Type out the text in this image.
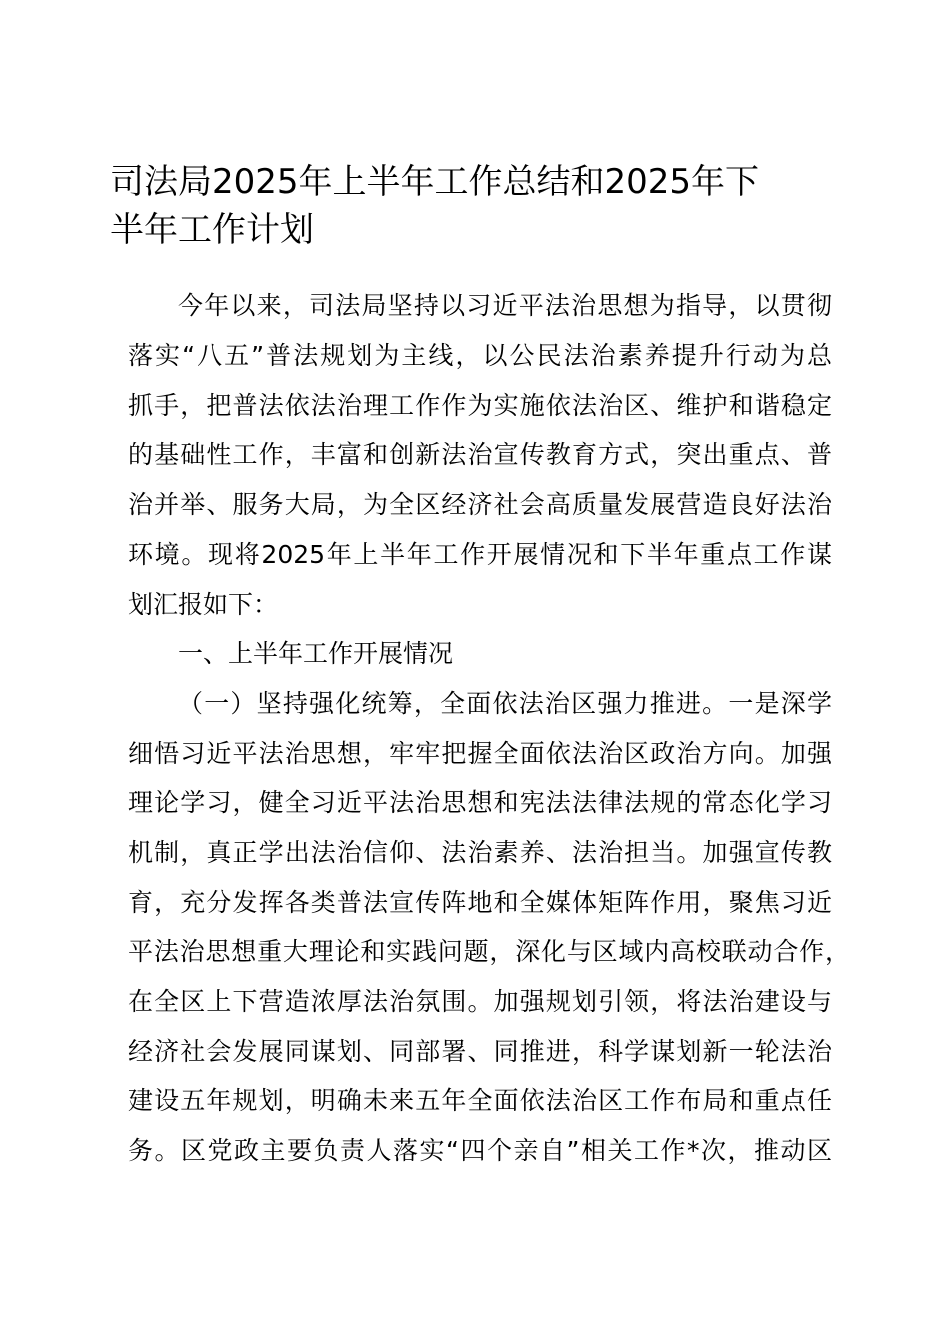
司法局2025年上半年工作总结和2025年下
半年工作计划
今年以来，司法局坚持以习近平法治思想为指导，以贯彻
落实“八五”普法规划为主线，以公民法治素养提升行动为总
抓手，把普法依法治理工作作为实施依法治区、维护和谐稳定
的基础性工作，丰富和创新法治宣传教育方式，突出重点、普
治并举、服务大局，为全区经济社会高质量发展营造良好法治
环境。现将2025年上半年工作开展情况和下半年重点工作谋
划汇报如下：
一、上半年工作开展情况
（一）坚持强化统筹，全面依法治区强力推进。一是深学
细悟习近平法治思想，牢牢把握全面依法治区政治方向。加强
理论学习，健全习近平法治思想和宪法法律法规的常态化学习
机制，真正学出法治信仰、法治素养、法治担当。加强宣传教
育，充分发挥各类普法宣传阵地和全媒体矩阵作用，聚焦习近
平法治思想重大理论和实践问题，深化与区域内高校联动合作，
在全区上下营造浓厚法治氛围。加强规划引领，将法治建设与
经济社会发展同谋划、同部署、同推进，科学谋划新一轮法治
建设五年规划，明确未来五年全面依法治区工作布局和重点任
务。区党政主要负责人落实“四个亲自”相关工作*次，推动区
